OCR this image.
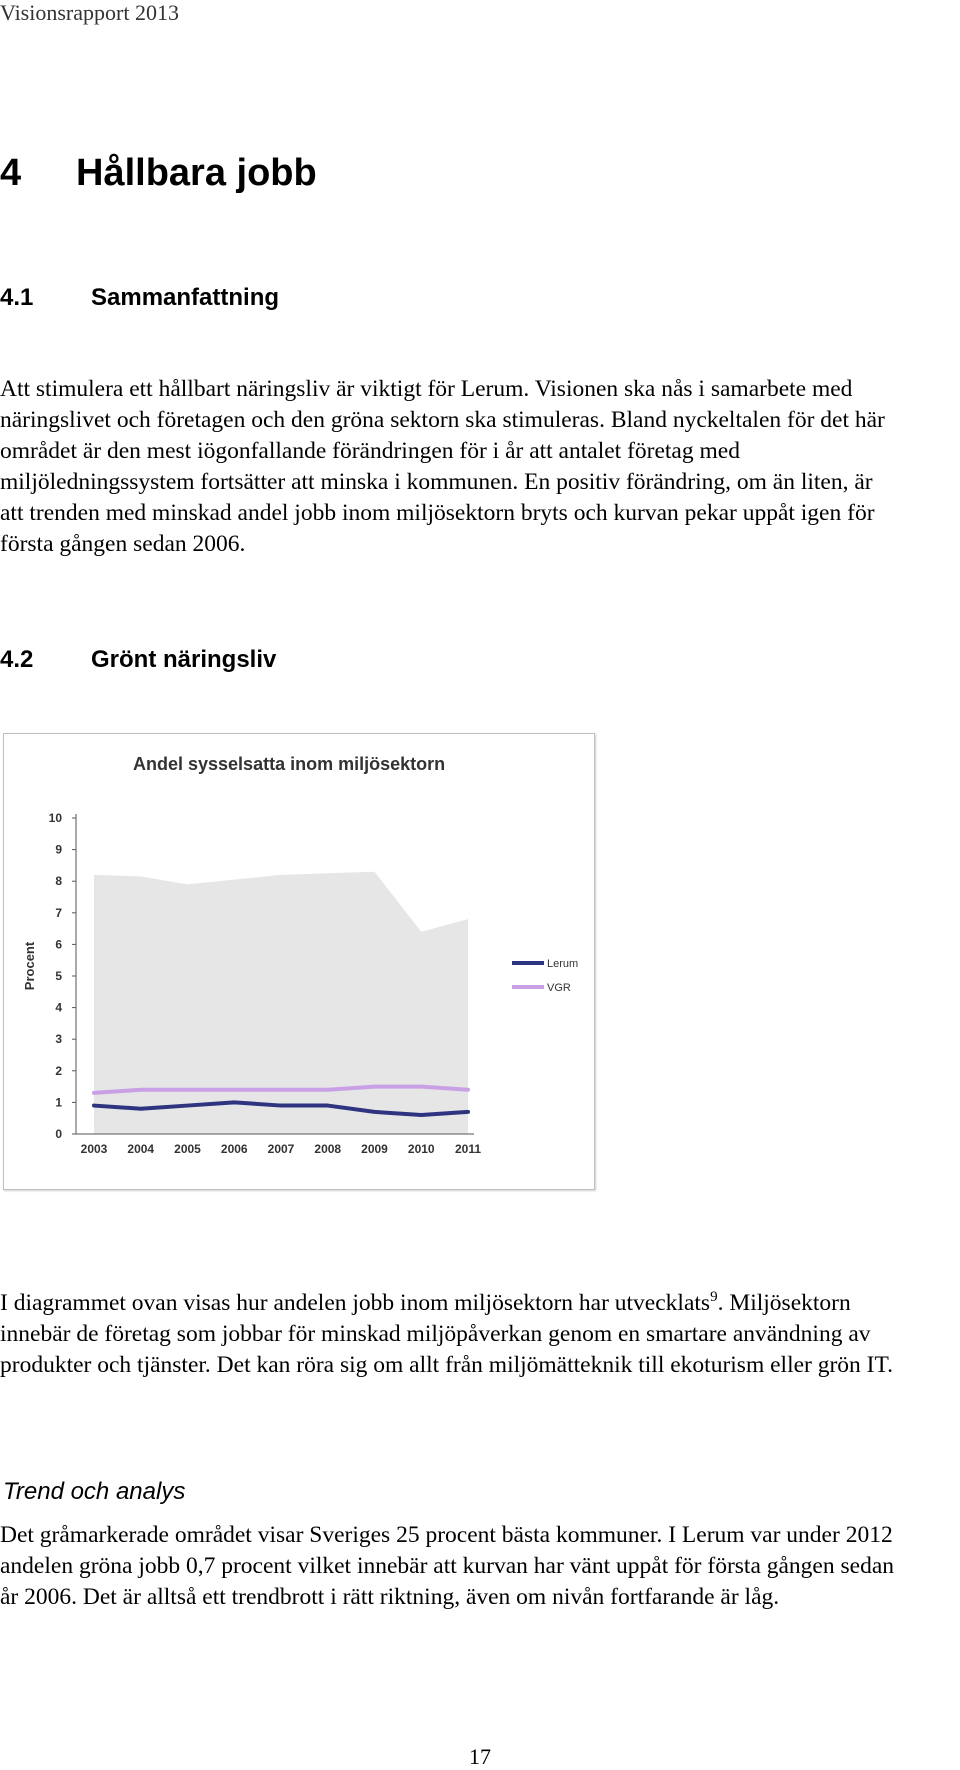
Visionsrapport 2013
4 Hållbara jobb
4.1 Sammanfattning

Att stimulera ett hållbart näringsliv är viktigt för Lerum. Visionen ska nås i samarbete med näringslivet och företagen och den gröna sektorn ska stimuleras. Bland nyckeltalen för det här området är den mest iögonfallande förändringen för i år att antalet företag med miljöledningssystem fortsätter att minska i kommunen. En positiv förändring, om än liten, är att trenden med minskad andel jobb inom miljösektorn bryts och kurvan pekar uppåt igen för första gången sedan 2006.

4.2 Grönt näringsliv
Andel sysselsatta inom miljösektorn
Procent
0
1
2
3
4
5
6
7
8
9
10
2003 2004 2005 2006 2007 2008 2009 2010 2011
Lerum
VGR

I diagrammet ovan visas hur andelen jobb inom miljösektorn har utvecklats$^9$. Miljösektorn innebär de företag som jobbar för minskad miljöpåverkan genom en smartare användning av produkter och tjänster. Det kan röra sig om allt från miljömätteknik till ekoturism eller grön IT.

Trend och analys

Det gråmarkerade området visar Sveriges 25 procent bästa kommuner. I Lerum var under 2012 andelen gröna jobb 0,7 procent vilket innebär att kurvan har vänt uppåt för första gången sedan år 2006. Det är alltså ett trendbrott i rätt riktning, även om nivån fortfarande är låg.

17
